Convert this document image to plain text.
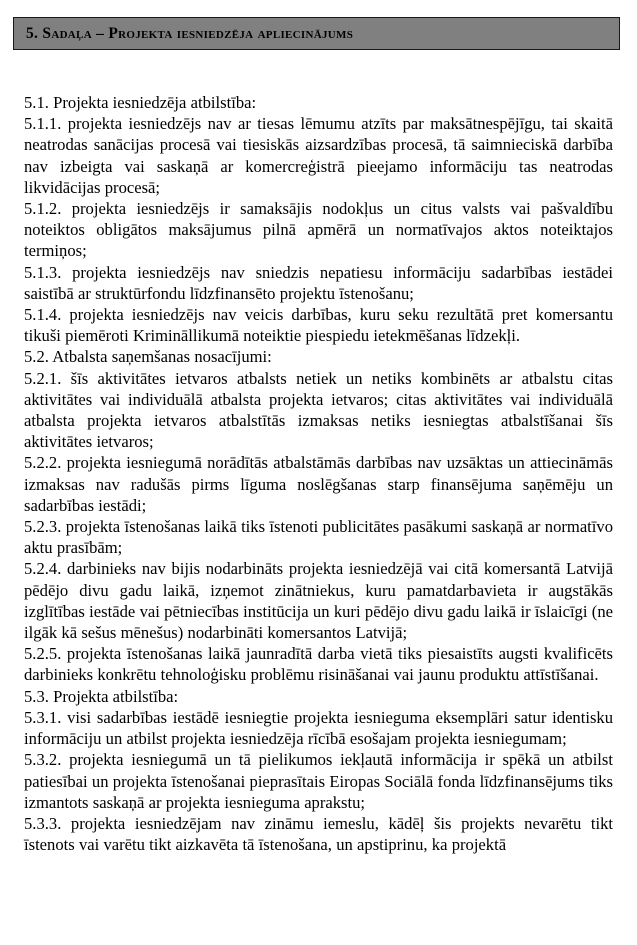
5. Sadaļa – Projekta iesniedzēja apliecinājums

5.1. Projekta iesniedzēja atbilstība:

5.1.1. projekta iesniedzējs nav ar tiesas lēmumu atzīts par maksātnespējīgu, tai skaitā neatrodas sanācijas procesā vai tiesiskās aizsardzības procesā, tā saimnieciskā darbība nav izbeigta vai saskaņā ar komercreģistrā pieejamo informāciju tas neatrodas likvidācijas procesā;

5.1.2. projekta iesniedzējs ir samaksājis nodokļus un citus valsts vai pašvaldību noteiktos obligātos maksājumus pilnā apmērā un normatīvajos aktos noteiktajos termiņos;

5.1.3. projekta iesniedzējs nav sniedzis nepatiesu informāciju sadarbības iestādei saistībā ar struktūrfondu līdzfinansēto projektu īstenošanu;

5.1.4. projekta iesniedzējs nav veicis darbības, kuru seku rezultātā pret komersantu tikuši piemēroti Krimināllikumā noteiktie piespiedu ietekmēšanas līdzekļi.

5.2. Atbalsta saņemšanas nosacījumi:

5.2.1. šīs aktivitātes ietvaros atbalsts netiek un netiks kombinēts ar atbalstu citas aktivitātes vai individuālā atbalsta projekta ietvaros; citas aktivitātes vai individuālā atbalsta projekta ietvaros atbalstītās izmaksas netiks iesniegtas atbalstīšanai šīs aktivitātes ietvaros;

5.2.2. projekta iesniegumā norādītās atbalstāmās darbības nav uzsāktas un attiecināmās izmaksas nav radušās pirms līguma noslēgšanas starp finansējuma saņēmēju un sadarbības iestādi;

5.2.3. projekta īstenošanas laikā tiks īstenoti publicitātes pasākumi saskaņā ar normatīvo aktu prasībām;

5.2.4. darbinieks nav bijis nodarbināts projekta iesniedzējā vai citā komersantā Latvijā pēdējo divu gadu laikā, izņemot zinātniekus, kuru pamatdarbavieta ir augstākās izglītības iestāde vai pētniecības institūcija un kuri pēdējo divu gadu laikā ir īslaicīgi (ne ilgāk kā sešus mēnešus) nodarbināti komersantos Latvijā;

5.2.5. projekta īstenošanas laikā jaunradītā darba vietā tiks piesaistīts augsti kvalificēts darbinieks konkrētu tehnoloģisku problēmu risināšanai vai jaunu produktu attīstīšanai.

5.3. Projekta atbilstība:

5.3.1. visi sadarbības iestādē iesniegtie projekta iesnieguma eksemplāri satur identisku informāciju un atbilst projekta iesniedzēja rīcībā esošajam projekta iesniegumam;

5.3.2. projekta iesniegumā un tā pielikumos iekļautā informācija ir spēkā un atbilst patiesībai un projekta īstenošanai pieprasītais Eiropas Sociālā fonda līdzfinansējums tiks izmantots saskaņā ar projekta iesnieguma aprakstu;

5.3.3. projekta iesniedzējam nav zināmu iemeslu, kādēļ šis projekts nevarētu tikt īstenots vai varētu tikt aizkavēta tā īstenošana, un apstiprinu, ka projektā
